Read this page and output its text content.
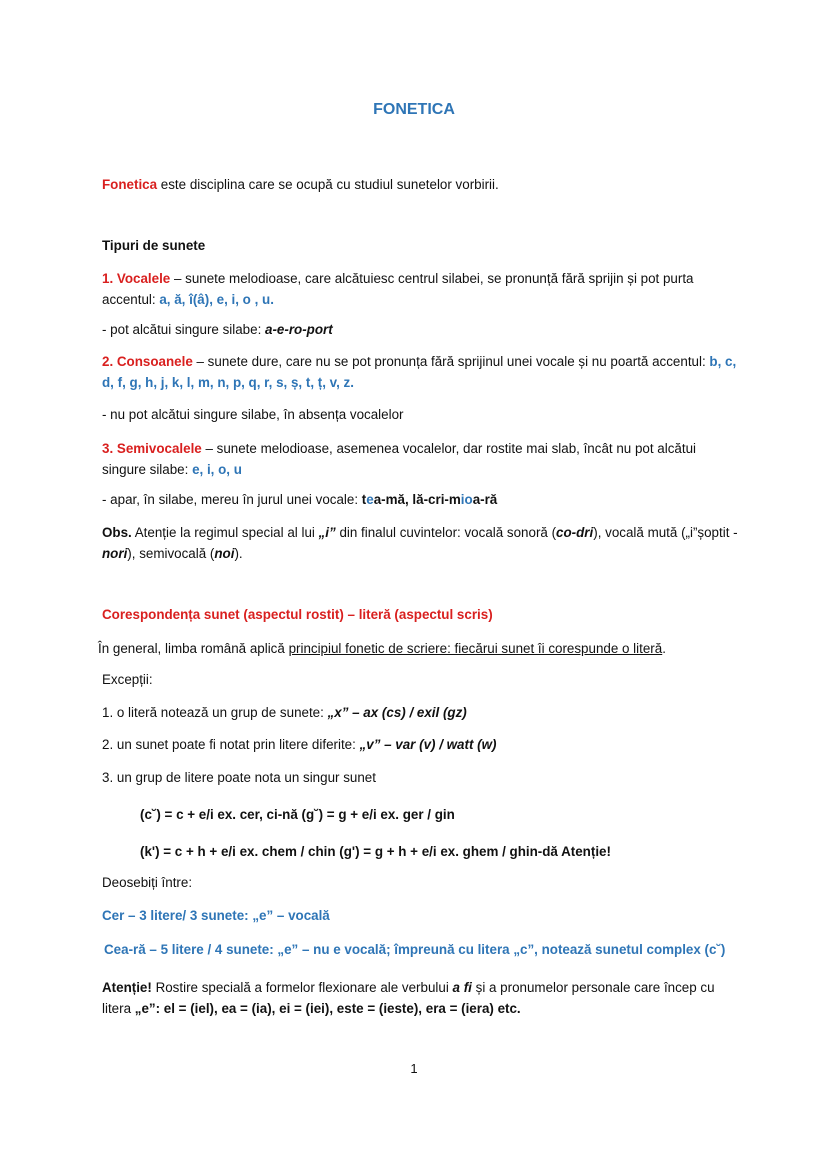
FONETICA
Fonetica este disciplina care se ocupă cu studiul sunetelor vorbirii.
Tipuri de sunete
1. Vocalele – sunete melodioase, care alcătuiesc centrul silabei, se pronunță fără sprijin și pot purta accentul: a, ă, î(â), e, i, o , u.
- pot alcătui singure silabe: a-e-ro-port
2. Consoanele – sunete dure, care nu se pot pronunța fără sprijinul unei vocale și nu poartă accentul: b, c, d, f, g, h, j, k, l, m, n, p, q, r, s, ș, t, ț, v, z.
- nu pot alcătui singure silabe, în absența vocalelor
3. Semivocalele – sunete melodioase, asemenea vocalelor, dar rostite mai slab, încât nu pot alcătui singure silabe: e, i, o, u
- apar, în silabe, mereu în jurul unei vocale: tea-mă, lă-cri-mioa-ră
Obs. Atenție la regimul special al lui „i” din finalul cuvintelor: vocală sonoră (co-dri), vocală mută („i”șoptit - nori), semivocală (noi).
Corespondența sunet (aspectul rostit) – literă (aspectul scris)
În general, limba română aplică principiul fonetic de scriere: fiecărui sunet îi corespunde o literă.
Excepții:
1. o literă notează un grup de sunete: „x” – ax (cs) / exil (gz)
2. un sunet poate fi notat prin litere diferite: „v” – var (v) / watt (w)
3. un grup de litere poate nota un singur sunet
(c˘) = c + e/i ex. cer, ci-nă (g˘) = g + e/i ex. ger / gin
(k') = c + h + e/i ex. chem / chin (g') = g + h + e/i ex. ghem / ghin-dă Atenție!
Deosebiți între:
Cer – 3 litere/ 3 sunete: „e” – vocală
Cea-ră – 5 litere / 4 sunete: „e” – nu e vocală; împreună cu litera „c”, notează sunetul complex (c˘)
Atenție! Rostire specială a formelor flexionare ale verbului a fi și a pronumelor personale care încep cu litera „e”: el = (iel), ea = (ia), ei = (iei), este = (ieste), era = (iera) etc.
1
